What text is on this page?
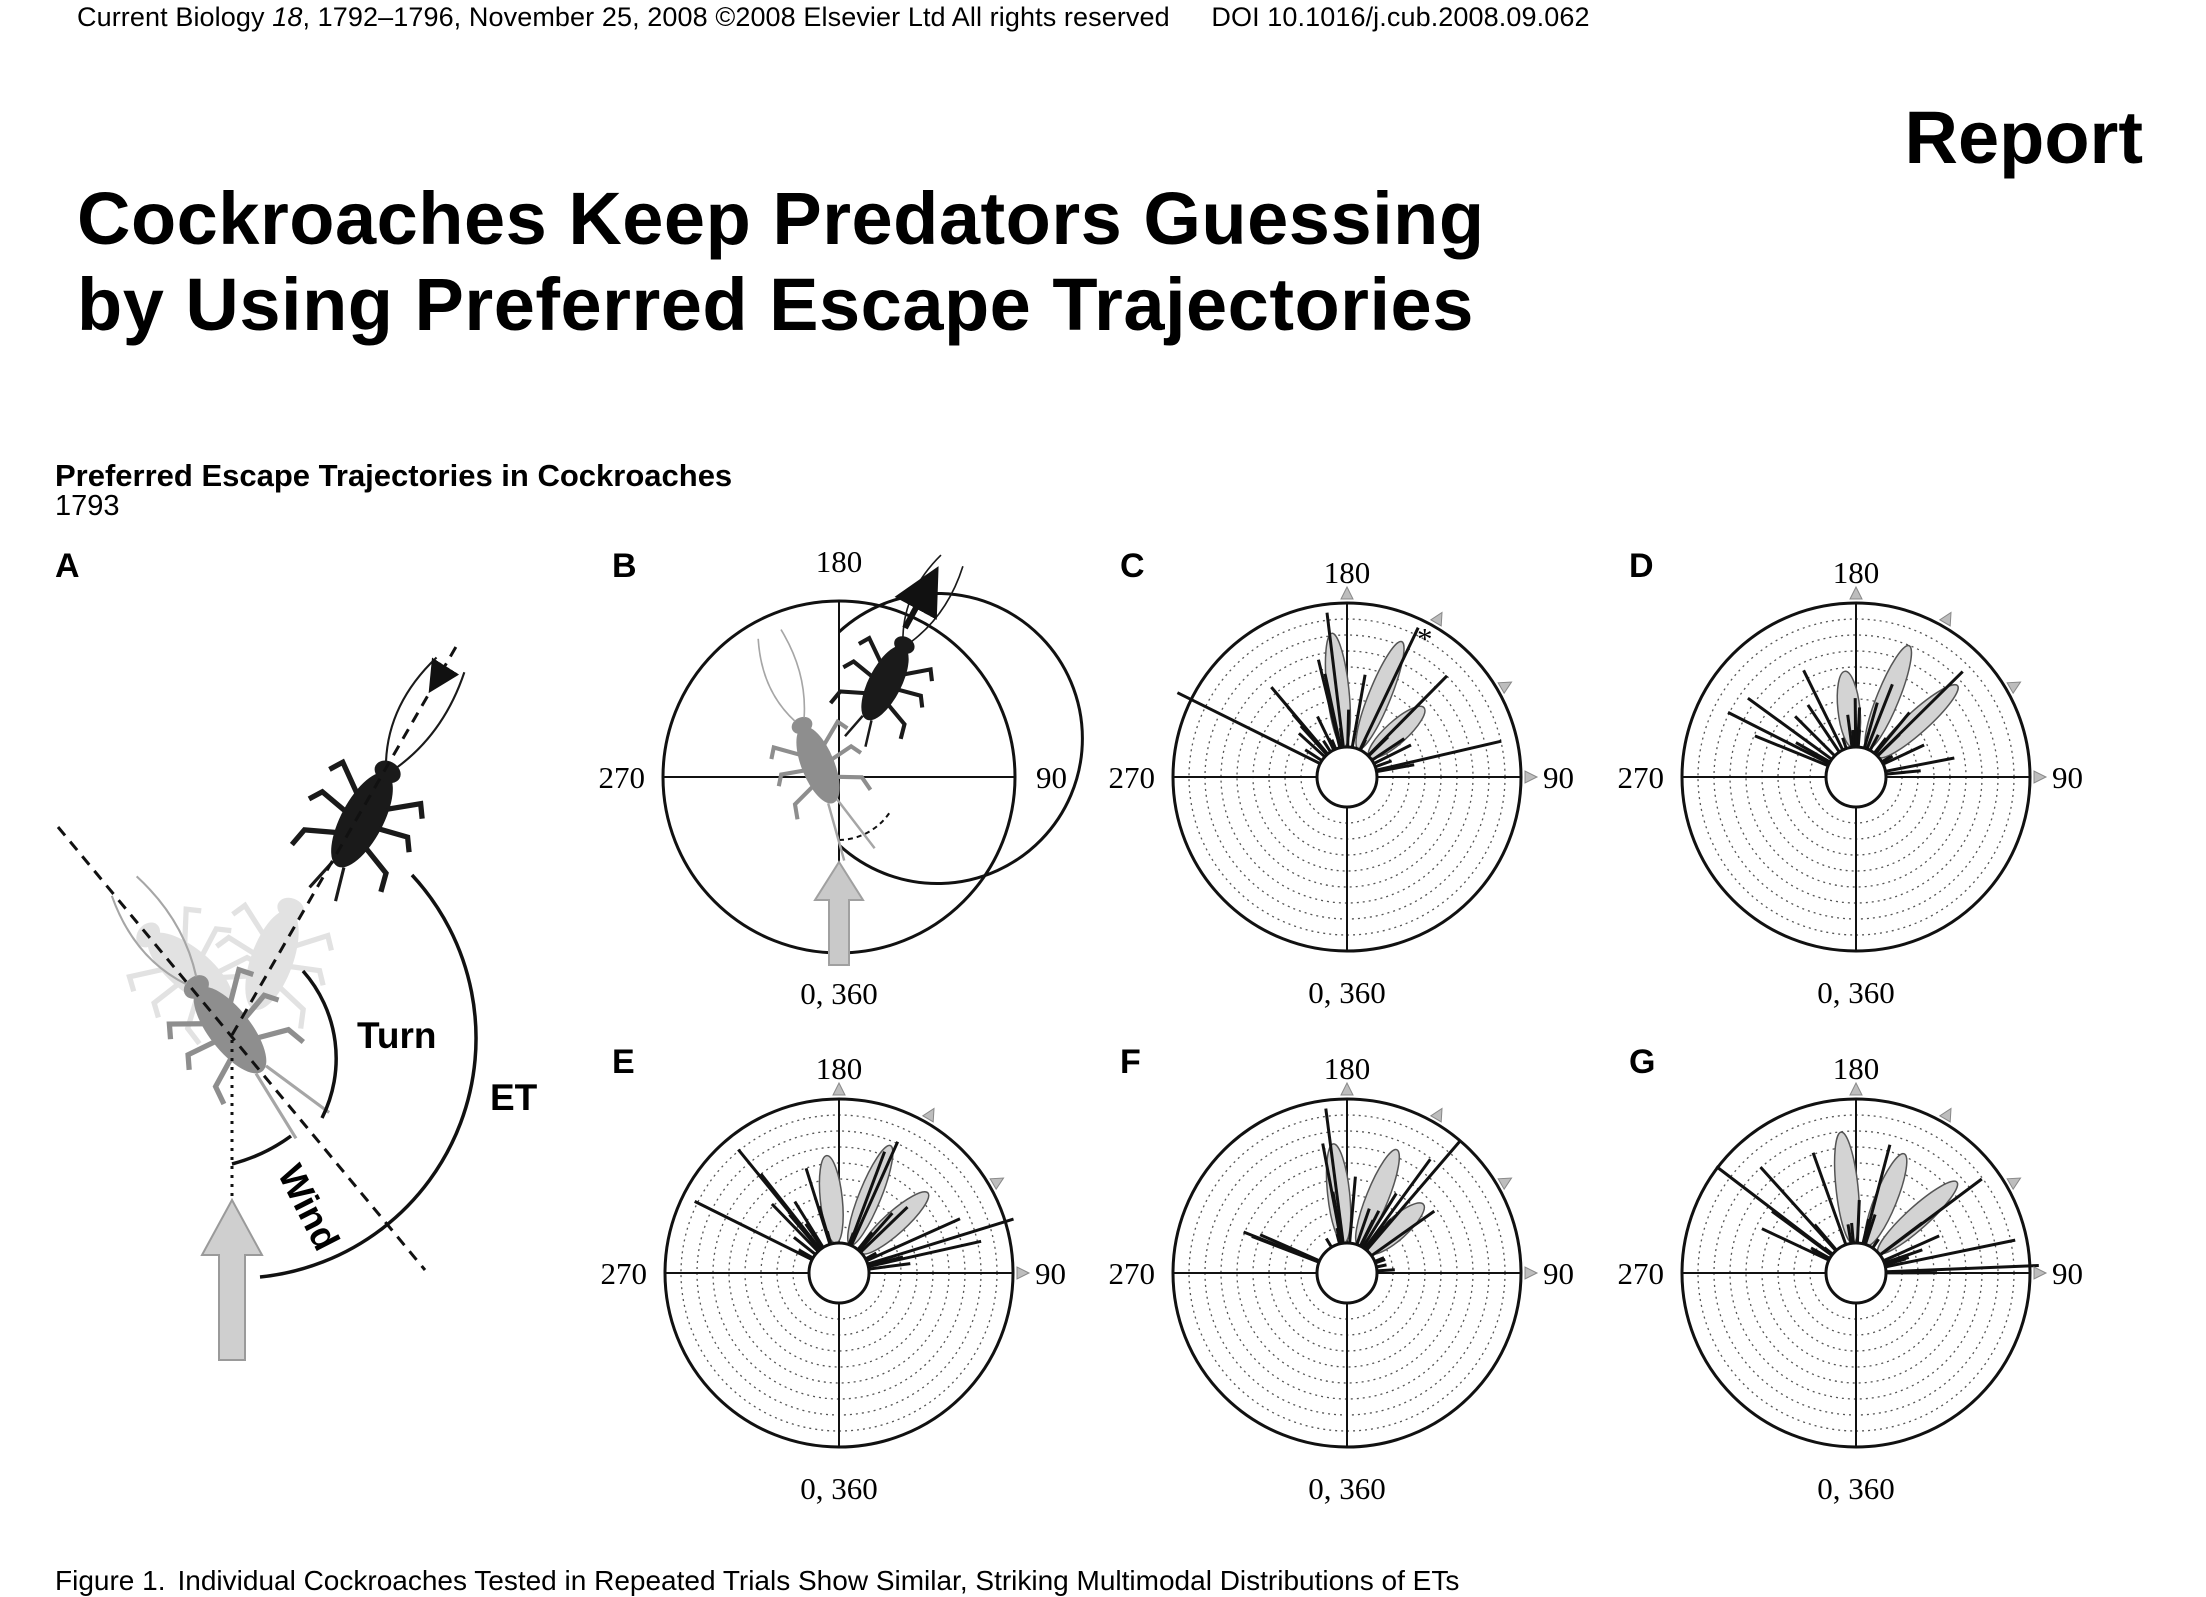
Current Biology 18, 1792–1796, November 25, 2008 ©2008 Elsevier Ltd All rights reserved DOI 10.1016/j.cub.2008.09.062
Report
Cockroaches Keep Predators Guessing
by Using Preferred Escape Trajectories
Preferred Escape Trajectories in Cockroaches
1793
A
Turn
ET
Wind
B	180
90
0, 360
270
C	180
90
0, 360
270
*
D	180
90
0, 360
270
E	180
90
0, 360
270
F	180
90
0, 360
270
G	180
90
0, 360
270
Figure 1. Individual Cockroaches Tested in Repeated Trials Show Similar, Striking Multimodal Distributions of ETs
